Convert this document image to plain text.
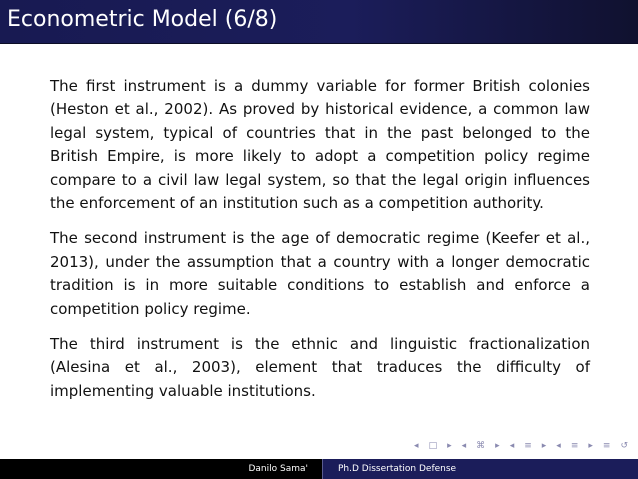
Econometric Model (6/8)

The first instrument is a dummy variable for former British colonies (Heston et al., 2002). As proved by historical evidence, a common law legal system, typical of countries that in the past belonged to the British Empire, is more likely to adopt a competition policy regime compare to a civil law legal system, so that the legal origin influences the enforcement of an institution such as a competition authority.

The second instrument is the age of democratic regime (Keefer et al., 2013), under the assumption that a country with a longer democratic tradition is in more suitable conditions to establish and enforce a competition policy regime.

The third instrument is the ethnic and linguistic fractionalization (Alesina et al., 2003), element that traduces the difficulty of implementing valuable institutions.

◂ □ ▸ ◂ ⌘ ▸ ◂ ≡ ▸ ◂ ≡ ▸ ≡ ↺
Danilo Sama'	Ph.D Dissertation Defense
